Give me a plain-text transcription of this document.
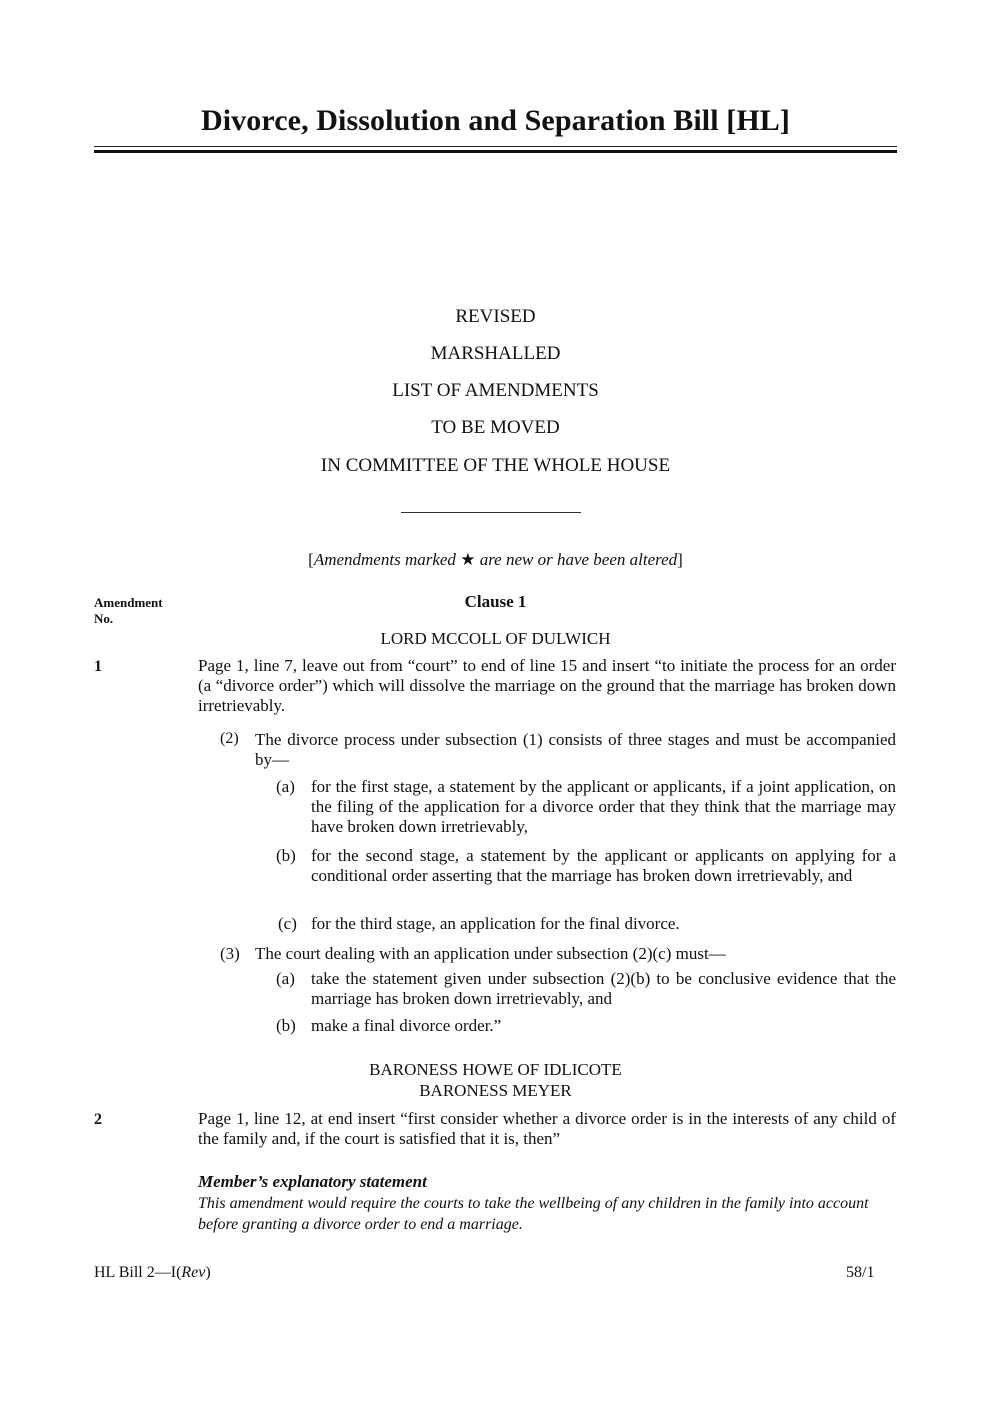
Divorce, Dissolution and Separation Bill [HL]
REVISED
MARSHALLED
LIST OF AMENDMENTS
TO BE MOVED
IN COMMITTEE OF THE WHOLE HOUSE
[Amendments marked ★ are new or have been altered]
Amendment
No.
Clause 1
LORD MCCOLL OF DULWICH
1	Page 1, line 7, leave out from “court” to end of line 15 and insert “to initiate the process for an order (a “divorce order”) which will dissolve the marriage on the ground that the marriage has broken down irretrievably.
(2) The divorce process under subsection (1) consists of three stages and must be accompanied by—
(a) for the first stage, a statement by the applicant or applicants, if a joint application, on the filing of the application for a divorce order that they think that the marriage may have broken down irretrievably,
(b) for the second stage, a statement by the applicant or applicants on applying for a conditional order asserting that the marriage has broken down irretrievably, and
(c) for the third stage, an application for the final divorce.
(3) The court dealing with an application under subsection (2)(c) must—
(a) take the statement given under subsection (2)(b) to be conclusive evidence that the marriage has broken down irretrievably, and
(b) make a final divorce order.”
BARONESS HOWE OF IDLICOTE
BARONESS MEYER
2	Page 1, line 12, at end insert “first consider whether a divorce order is in the interests of any child of the family and, if the court is satisfied that it is, then”
Member’s explanatory statement
This amendment would require the courts to take the wellbeing of any children in the family into account before granting a divorce order to end a marriage.
HL Bill 2—I(Rev)	58/1
